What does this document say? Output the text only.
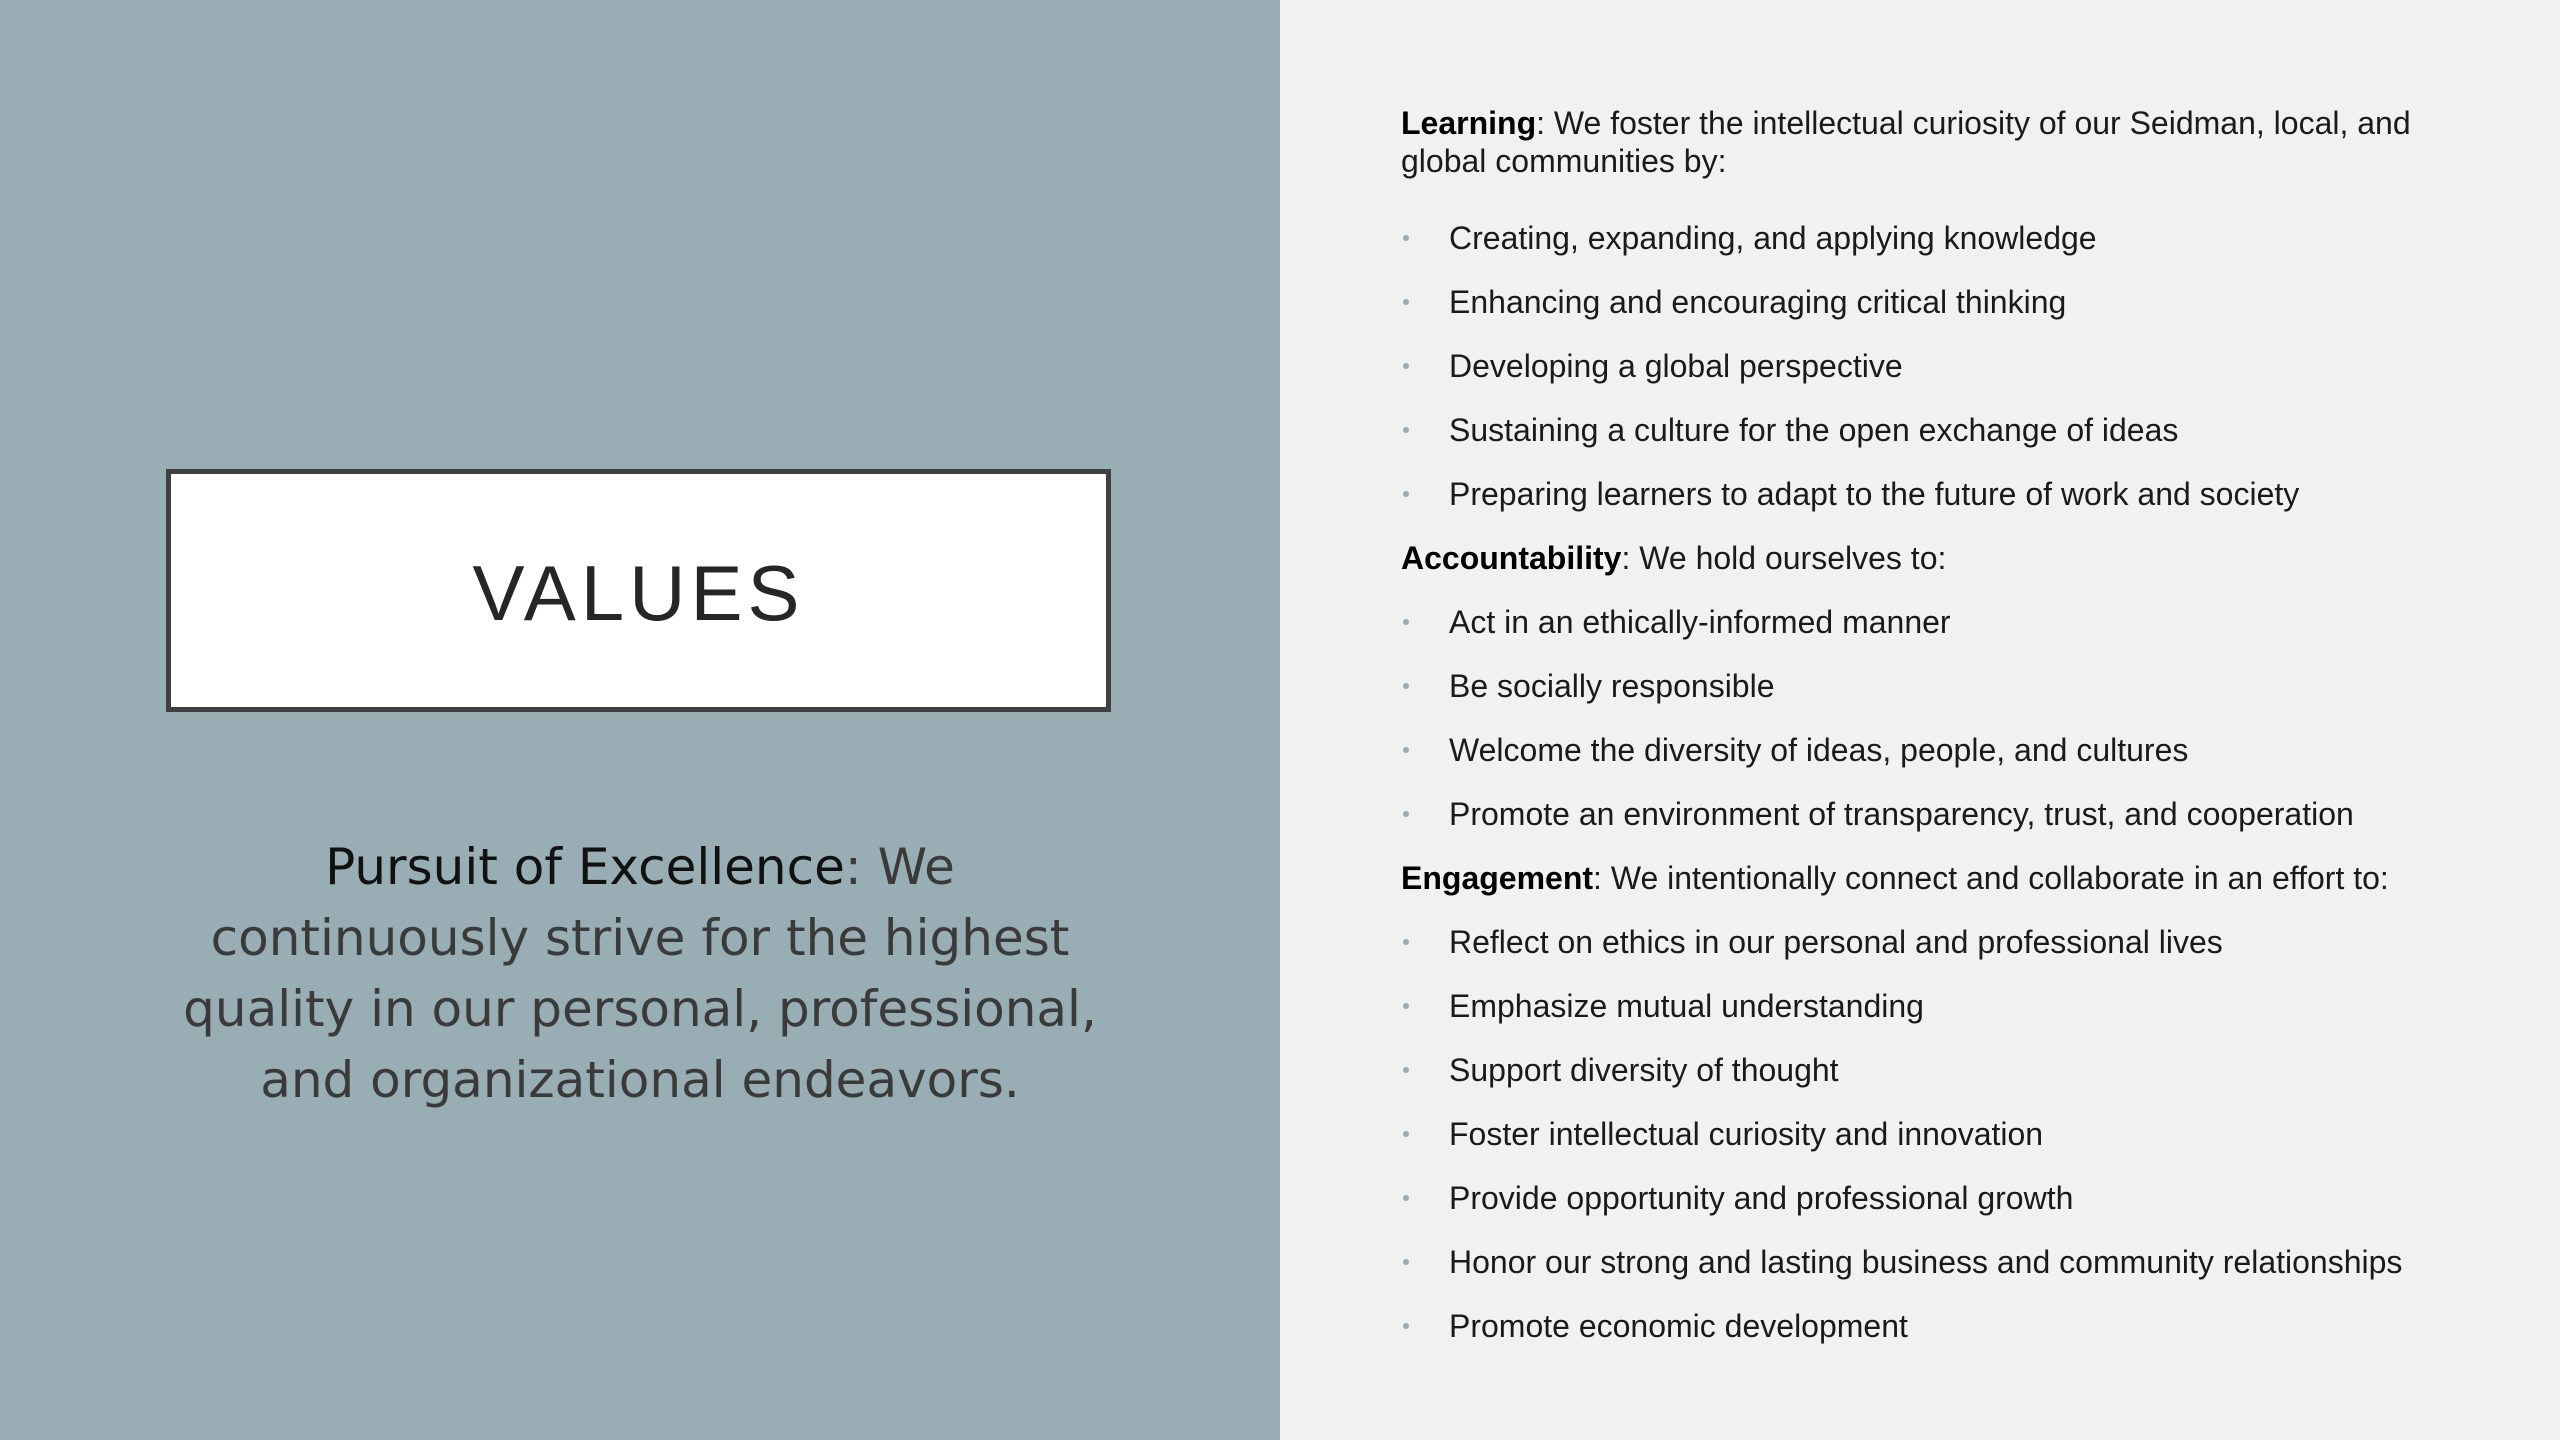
VALUES
Pursuit of Excellence: We continuously strive for the highest quality in our personal, professional, and organizational endeavors.
Learning: We foster the intellectual curiosity of our Seidman, local, and global communities by:
Creating, expanding, and applying knowledge
Enhancing and encouraging critical thinking
Developing a global perspective
Sustaining a culture for the open exchange of ideas
Preparing learners to adapt to the future of work and society
Accountability: We hold ourselves to:
Act in an ethically-informed manner
Be socially responsible
Welcome the diversity of ideas, people, and cultures
Promote an environment of transparency, trust, and cooperation
Engagement: We intentionally connect and collaborate in an effort to:
Reflect on ethics in our personal and professional lives
Emphasize mutual understanding
Support diversity of thought
Foster intellectual curiosity and innovation
Provide opportunity and professional growth
Honor our strong and lasting business and community relationships
Promote economic development
